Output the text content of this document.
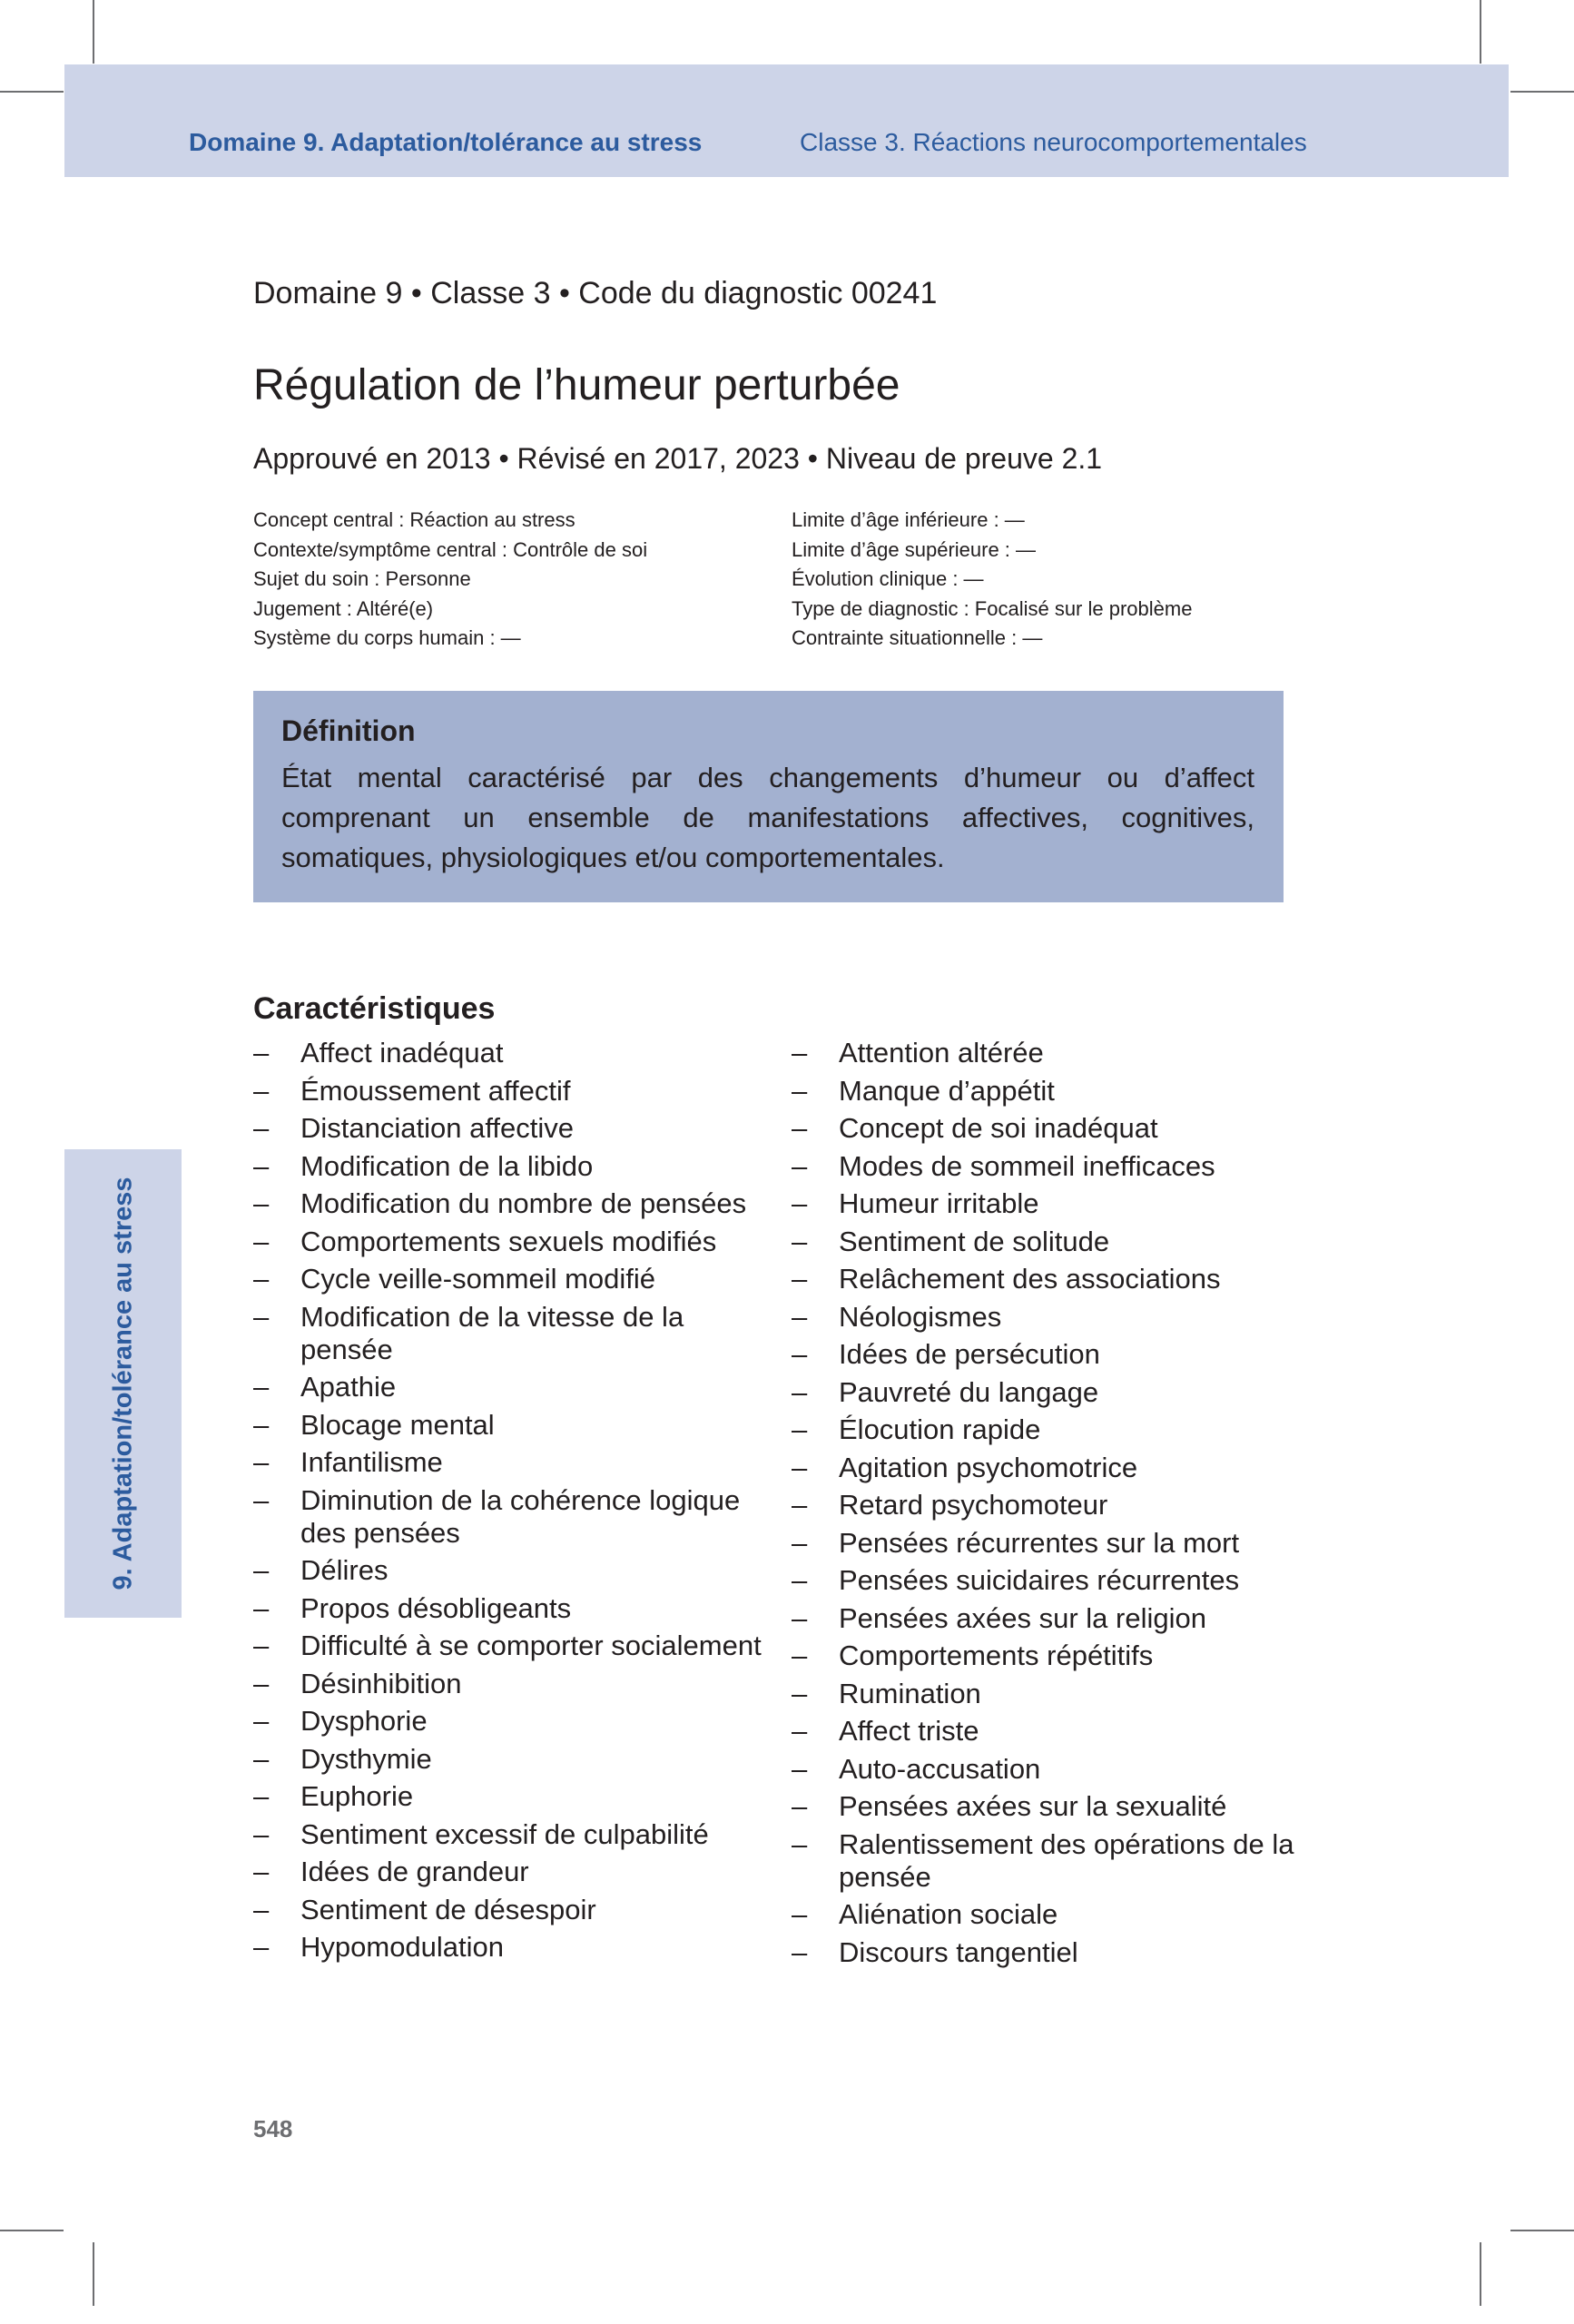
Domaine 9. Adaptation/tolérance au stress	Classe 3. Réactions neurocomportementales
Domaine 9 • Classe 3 • Code du diagnostic 00241
Régulation de l’humeur perturbée
Approuvé en 2013 • Révisé en 2017, 2023 • Niveau de preuve 2.1
Concept central : Réaction au stress
Contexte/symptôme central : Contrôle de soi
Sujet du soin : Personne
Jugement : Altéré(e)
Système du corps humain : —
Limite d’âge inférieure : —
Limite d’âge supérieure : —
Évolution clinique : —
Type de diagnostic : Focalisé sur le problème
Contrainte situationnelle : —
Définition
État mental caractérisé par des changements d’humeur ou d’affect comprenant un ensemble de manifestations affectives, cognitives, somatiques, physiologiques et/ou comportementales.
9. Adaptation/tolérance au stress
Caractéristiques
– Affect inadéquat
– Émoussement affectif
– Distanciation affective
– Modification de la libido
– Modification du nombre de pensées
– Comportements sexuels modifiés
– Cycle veille-sommeil modifié
– Modification de la vitesse de la pensée
– Apathie
– Blocage mental
– Infantilisme
– Diminution de la cohérence logique des pensées
– Délires
– Propos désobligeants
– Difficulté à se comporter socialement
– Désinhibition
– Dysphorie
– Dysthymie
– Euphorie
– Sentiment excessif de culpabilité
– Idées de grandeur
– Sentiment de désespoir
– Hypomodulation
– Attention altérée
– Manque d’appétit
– Concept de soi inadéquat
– Modes de sommeil inefficaces
– Humeur irritable
– Sentiment de solitude
– Relâchement des associations
– Néologismes
– Idées de persécution
– Pauvreté du langage
– Élocution rapide
– Agitation psychomotrice
– Retard psychomoteur
– Pensées récurrentes sur la mort
– Pensées suicidaires récurrentes
– Pensées axées sur la religion
– Comportements répétitifs
– Rumination
– Affect triste
– Auto-accusation
– Pensées axées sur la sexualité
– Ralentissement des opérations de la pensée
– Aliénation sociale
– Discours tangentiel
548
